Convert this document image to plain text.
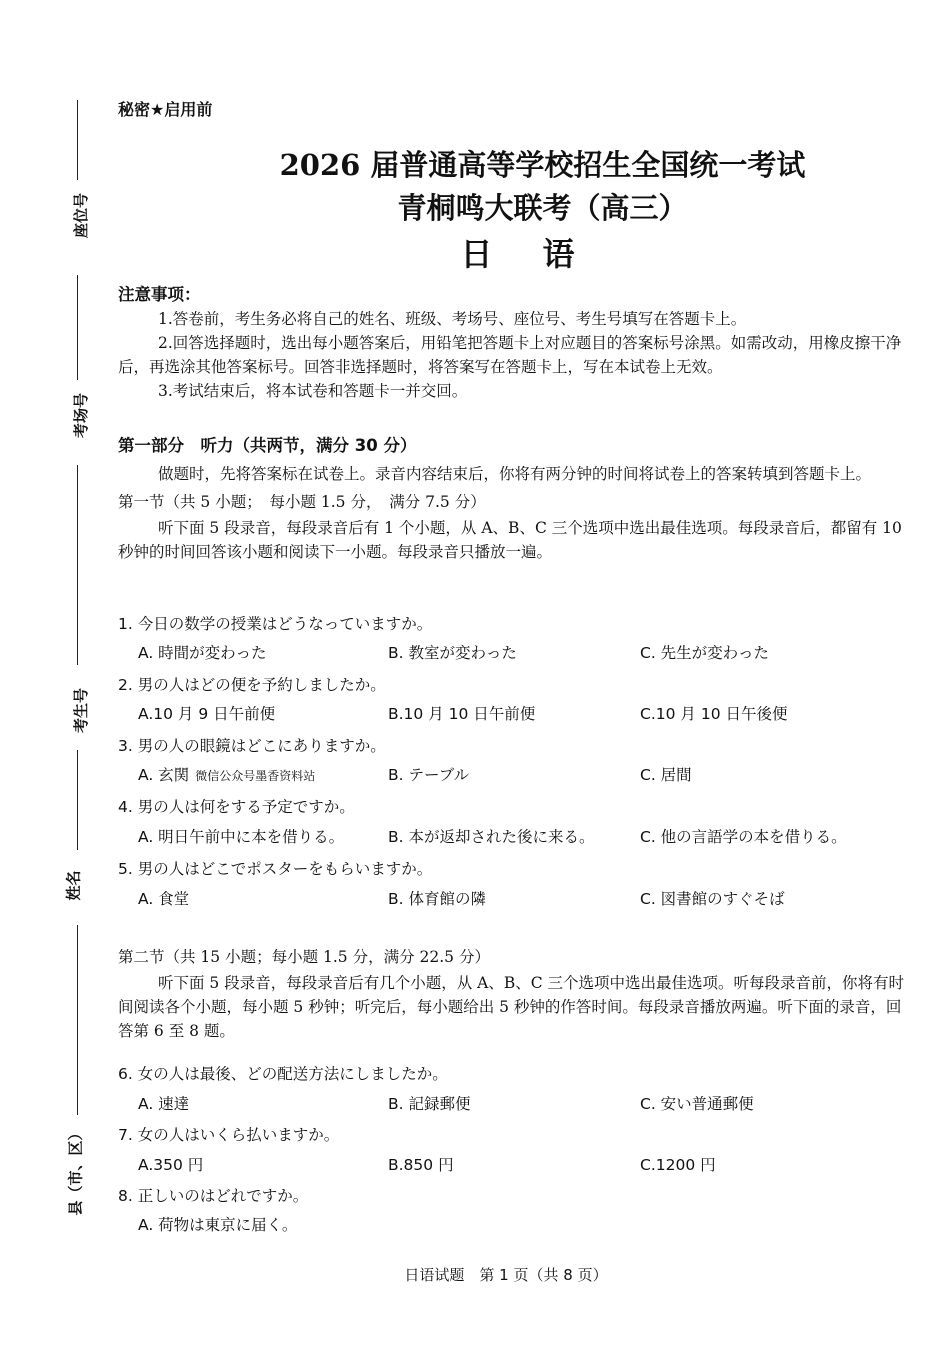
座位号
考场号
考生号
姓名
县（市、区）
秘密★启用前
2026 届普通高等学校招生全国统一考试
青桐鸣大联考（高三）
日语
注意事项：
1.答卷前，考生务必将自己的姓名、班级、考场号、座位号、考生号填写在答题卡上。
2.回答选择题时，选出每小题答案后，用铅笔把答题卡上对应题目的答案标号涂黑。如需改动，用橡皮擦干净后，再选涂其他答案标号。回答非选择题时，将答案写在答题卡上，写在本试卷上无效。
3.考试结束后，将本试卷和答题卡一并交回。
第一部分　听力（共两节，满分 30 分）
做题时，先将答案标在试卷上。录音内容结束后，你将有两分钟的时间将试卷上的答案转填到答题卡上。
第一节（共 5 小题；　每小题 1.5 分，　满分 7.5 分）
听下面 5 段录音，每段录音后有 1 个小题，从 A、B、C 三个选项中选出最佳选项。每段录音后，都留有 10 秒钟的时间回答该小题和阅读下一小题。每段录音只播放一遍。
1. 今日の数学の授業はどうなっていますか。
A. 時間が変わった	B. 教室が変わった	C. 先生が変わった
2. 男の人はどの便を予約しましたか。
A.10 月 9 日午前便	B.10 月 10 日午前便	C.10 月 10 日午後便
3. 男の人の眼鏡はどこにありますか。
A. 玄関 微信公众号墨香资料站	B. テーブル	C. 居間
4. 男の人は何をする予定ですか。
A. 明日午前中に本を借りる。	B. 本が返却された後に来る。	C. 他の言語学の本を借りる。
5. 男の人はどこでポスターをもらいますか。
A. 食堂	B. 体育館の隣	C. 図書館のすぐそば
第二节（共 15 小题；每小题 1.5 分，满分 22.5 分）
听下面 5 段录音，每段录音后有几个小题，从 A、B、C 三个选项中选出最佳选项。听每段录音前，你将有时间阅读各个小题，每小题 5 秒钟；听完后，每小题给出 5 秒钟的作答时间。每段录音播放两遍。听下面的录音，回答第 6 至 8 题。
6. 女の人は最後、どの配送方法にしましたか。
A. 速達	B. 記録郵便	C. 安い普通郵便
7. 女の人はいくら払いますか。
A.350 円	B.850 円	C.1200 円
8. 正しいのはどれですか。
A. 荷物は東京に届く。
日语试题　第 1 页（共 8 页）
